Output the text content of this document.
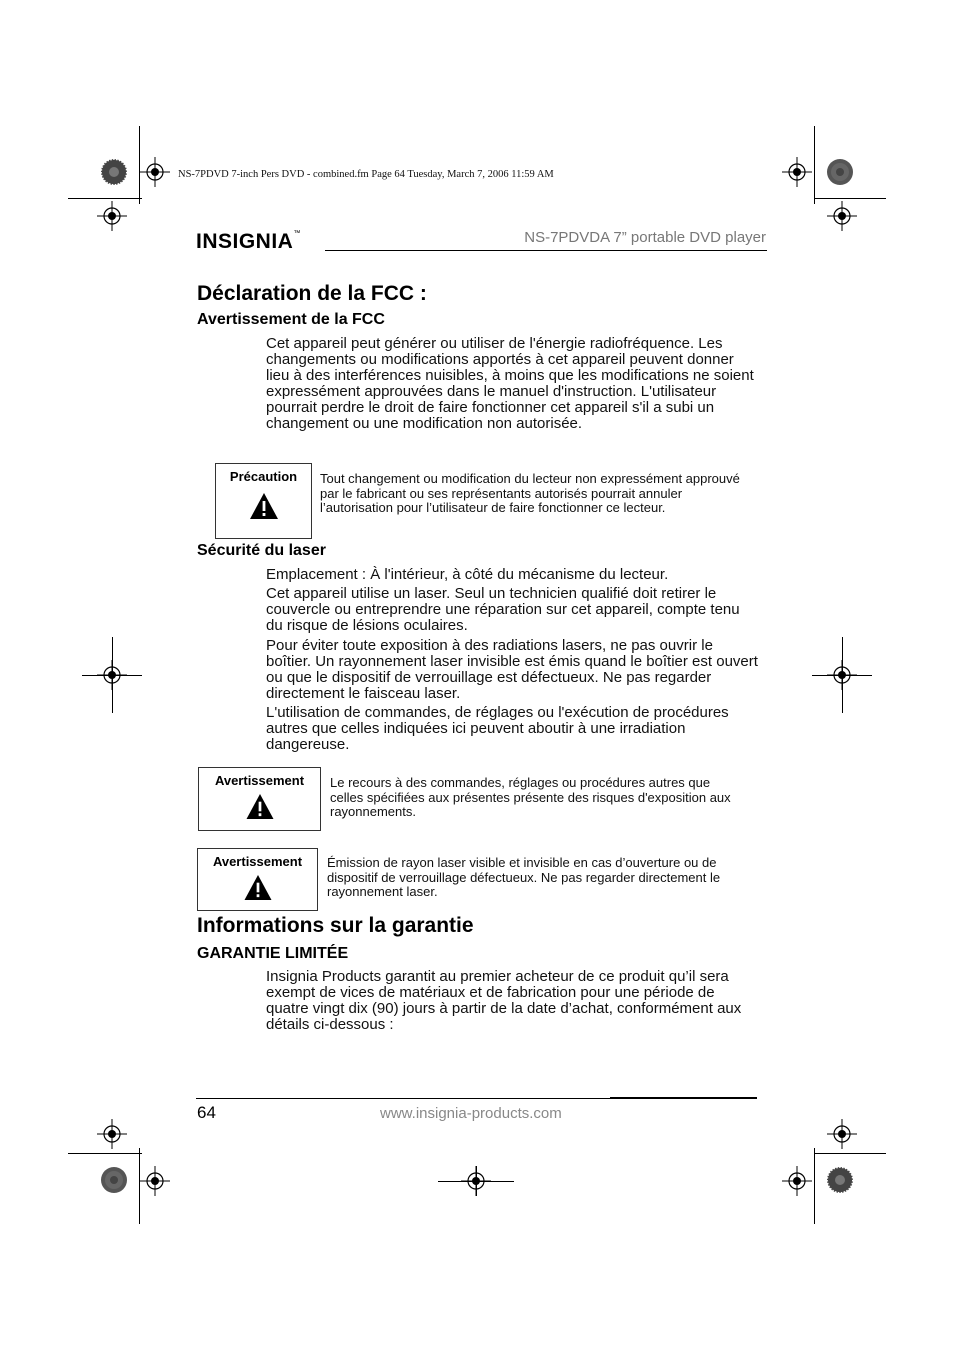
NS-7PDVD 7-inch Pers DVD - combined.fm Page 64 Tuesday, March 7, 2006 11:59 AM
INSIGNIA™	NS-7PDVDA 7” portable DVD player
Déclaration de la FCC :
Avertissement de la FCC
Cet appareil peut générer ou utiliser de l'énergie radiofréquence. Les changements ou modifications apportés à cet appareil peuvent donner lieu à des interférences nuisibles, à moins que les modifications ne soient expressément approuvées dans le manuel d'instruction. L'utilisateur pourrait perdre le droit de faire fonctionner cet appareil s'il a subi un changement ou une modification non autorisée.
Précaution	Tout changement ou modification du lecteur non expressément approuvé par le fabricant ou ses représentants autorisés pourrait annuler l’autorisation pour l’utilisateur de faire fonctionner ce lecteur.
Sécurité du laser
Emplacement : À l'intérieur, à côté du mécanisme du lecteur.
Cet appareil utilise un laser. Seul un technicien qualifié doit retirer le couvercle ou entreprendre une réparation sur cet appareil, compte tenu du risque de lésions oculaires.
Pour éviter toute exposition à des radiations lasers, ne pas ouvrir le boîtier. Un rayonnement laser invisible est émis quand le boîtier est ouvert ou que le dispositif de verrouillage est défectueux. Ne pas regarder directement le faisceau laser.
L'utilisation de commandes, de réglages ou l'exécution de procédures autres que celles indiquées ici peuvent aboutir à une irradiation dangereuse.
Avertissement	Le recours à des commandes, réglages ou procédures autres que celles spécifiées aux présentes présente des risques d'exposition aux rayonnements.
Avertissement	Émission de rayon laser visible et invisible en cas d’ouverture ou de dispositif de verrouillage défectueux. Ne pas regarder directement le rayonnement laser.
Informations sur la garantie
GARANTIE LIMITÉE
Insignia Products garantit au premier acheteur de ce produit qu’il sera exempt de vices de matériaux et de fabrication pour une période de quatre vingt dix (90) jours à partir de la date d’achat, conformément aux détails ci-dessous :
64	www.insignia-products.com
